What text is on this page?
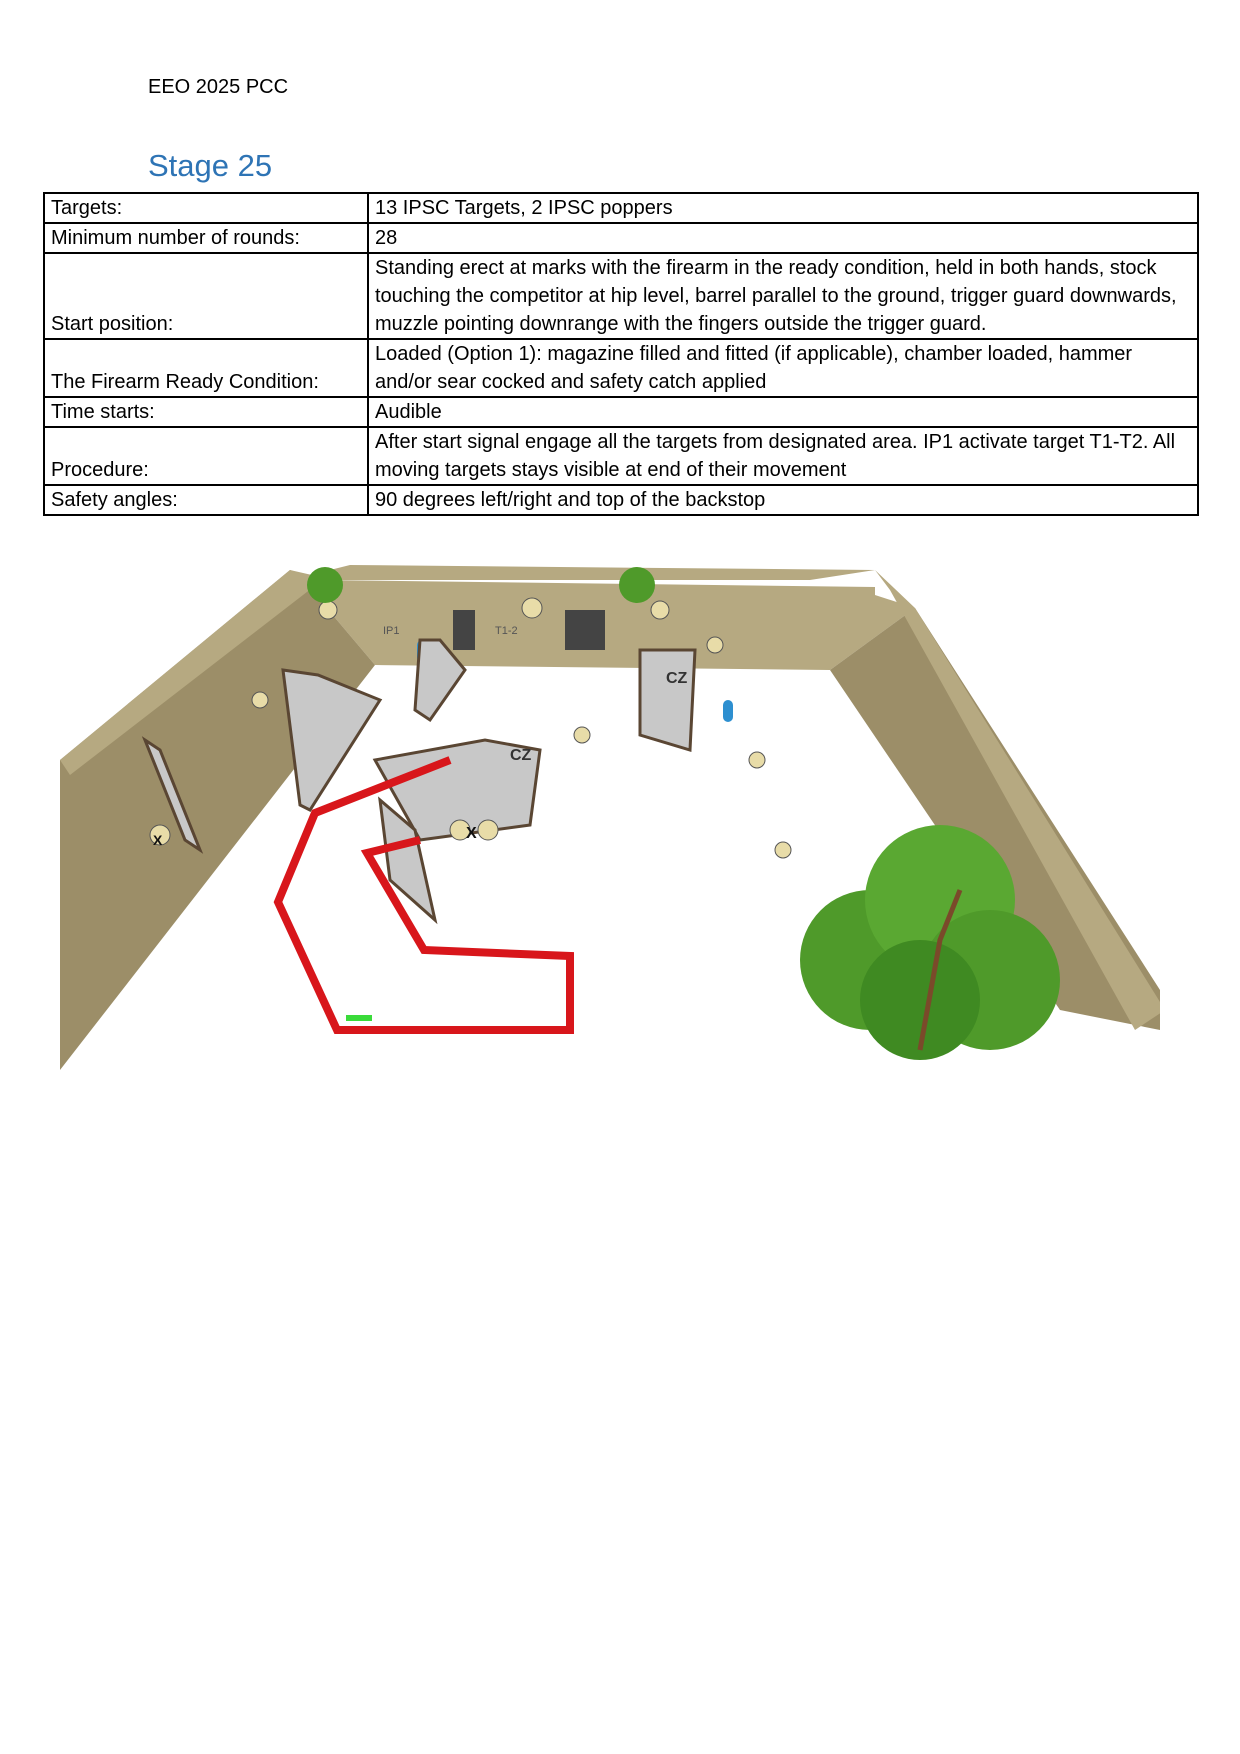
EEO 2025 PCC
Stage 25
Targets:	13 IPSC Targets, 2 IPSC poppers
Minimum number of rounds:	28
Start position:	Standing erect at marks with the firearm in the ready condition, held in both hands, stock touching the competitor at hip level, barrel parallel to the ground, trigger guard downwards, muzzle pointing downrange with the fingers outside the trigger guard.
The Firearm Ready Condition:	Loaded (Option 1): magazine filled and fitted (if applicable), chamber loaded, hammer and/or sear cocked and safety catch applied
Time starts:	Audible
Procedure:	After start signal engage all the targets from designated area. IP1 activate target T1-T2. All moving targets stays visible at end of their movement
Safety angles:	90 degrees left/right and top of the backstop
IP1	T1-2
CZ
CZ
X
X
